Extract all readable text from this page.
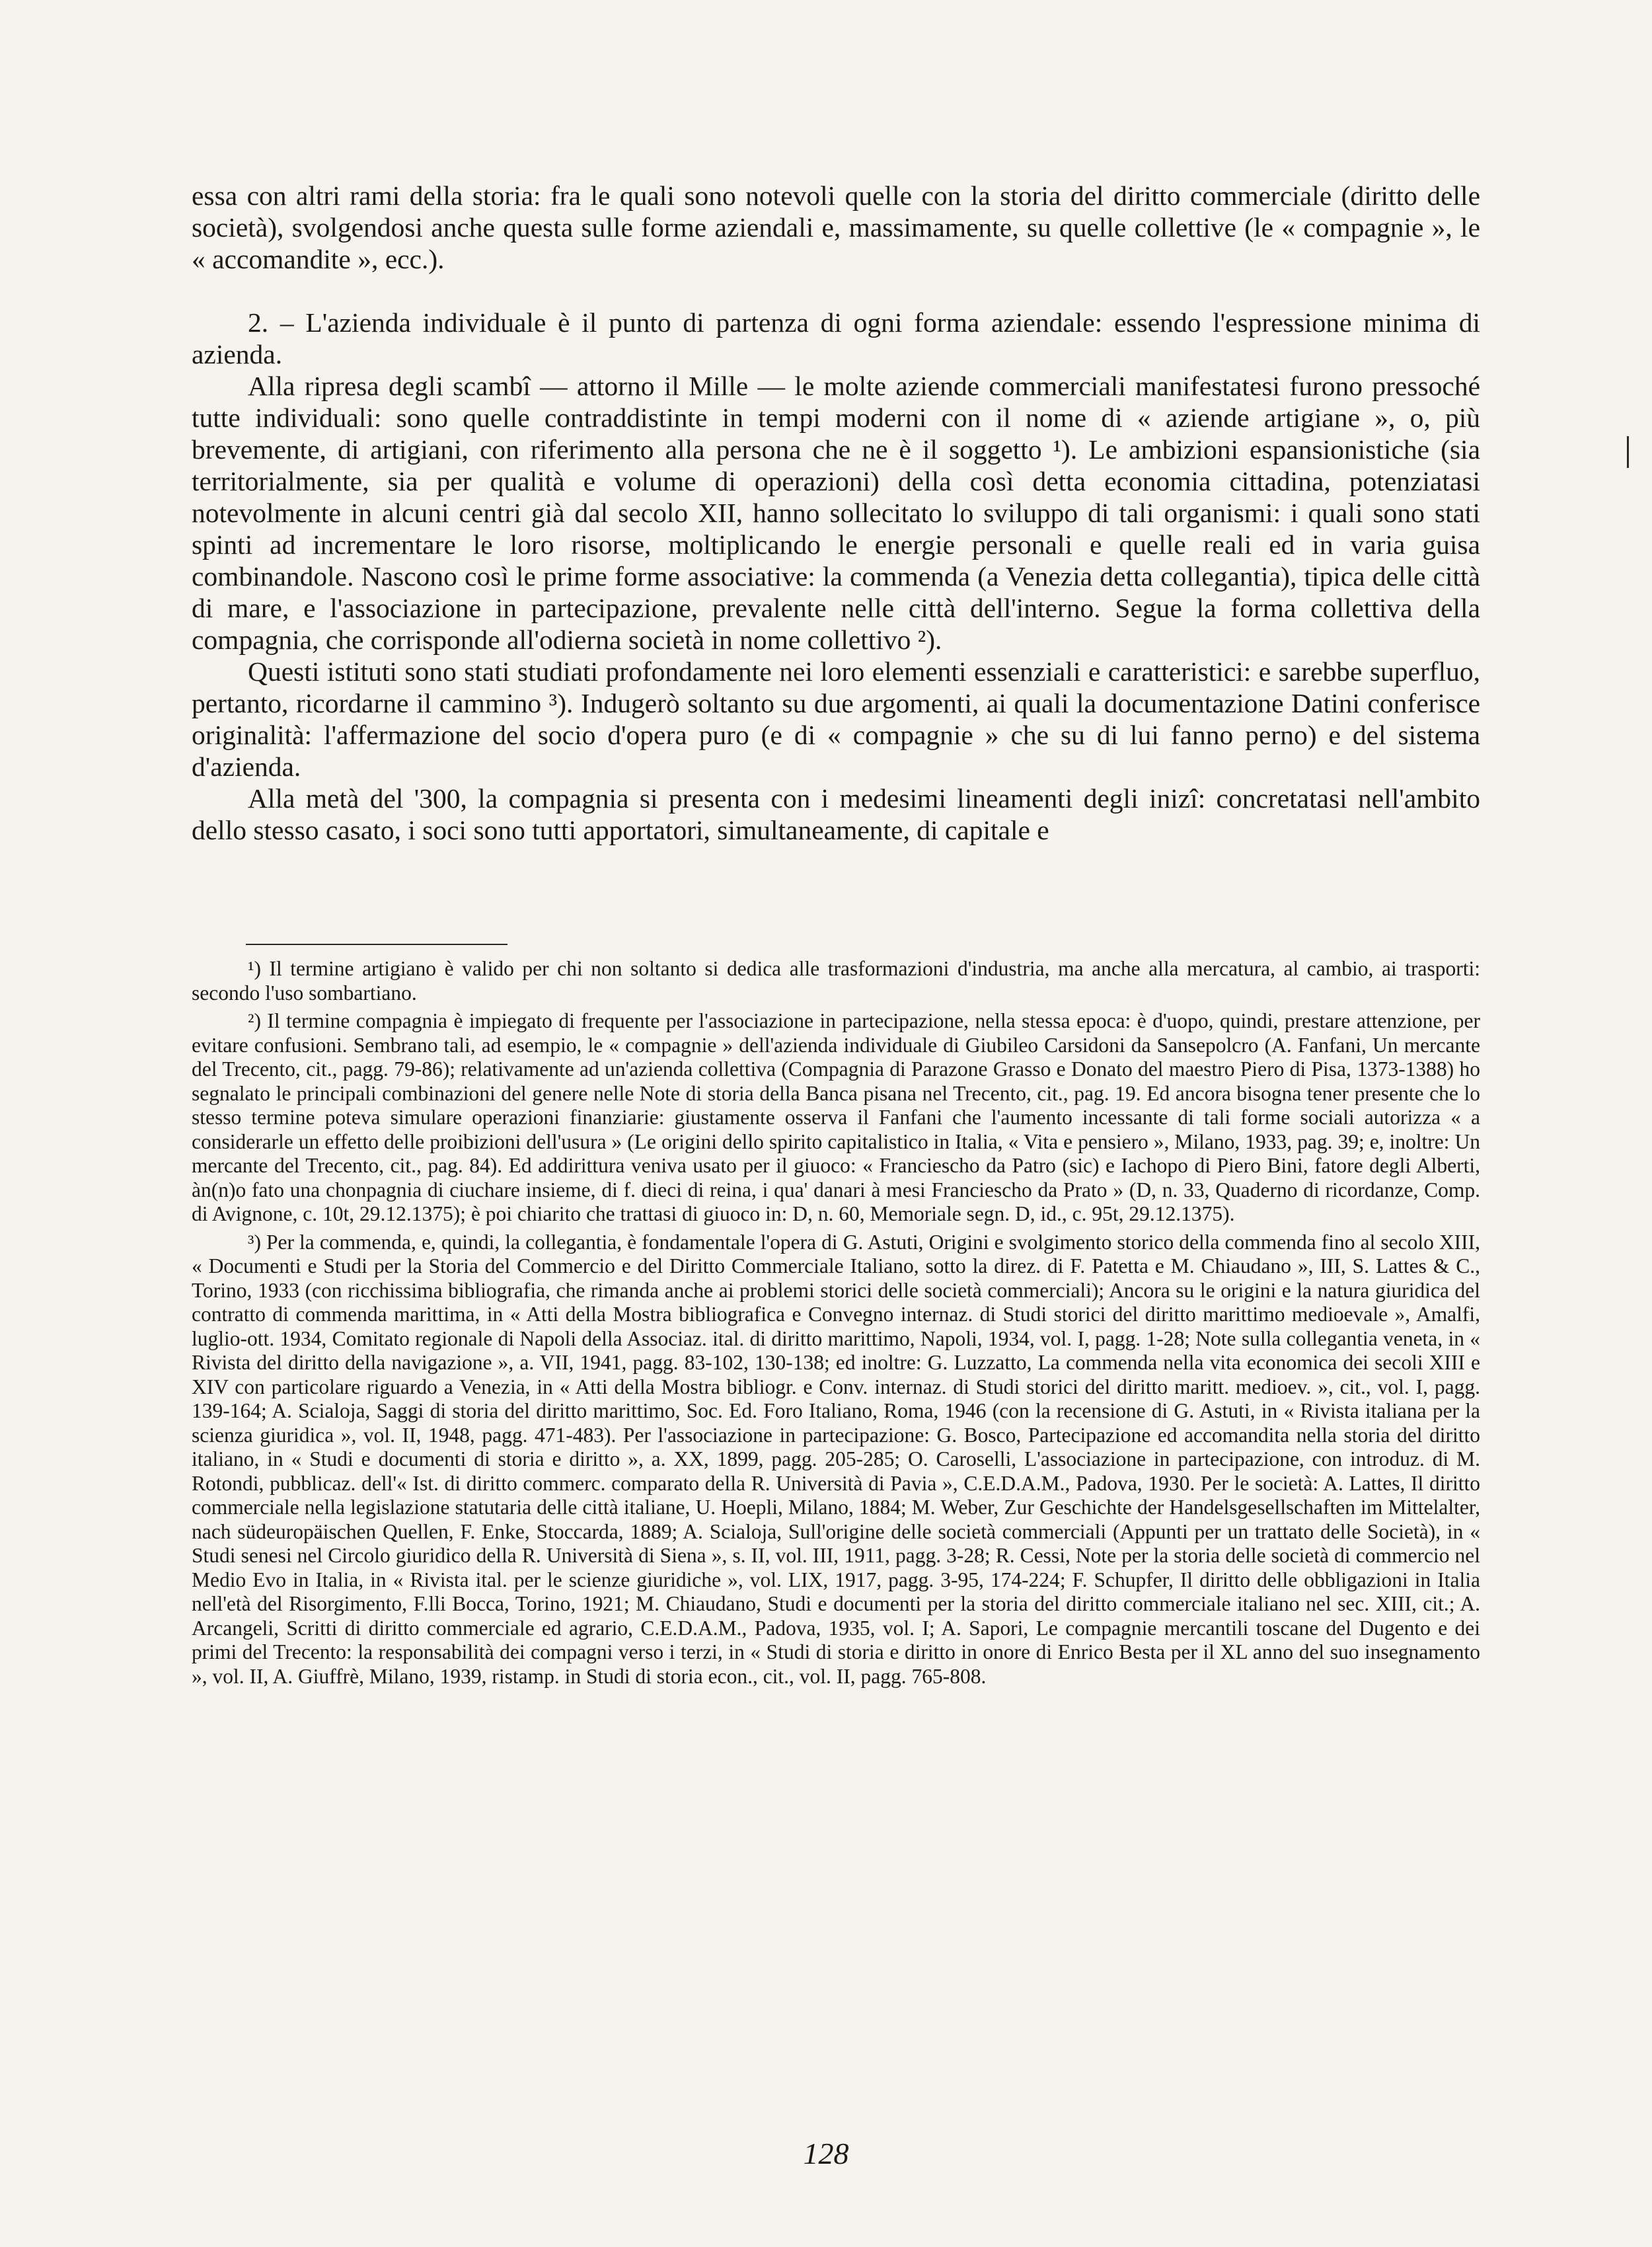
essa con altri rami della storia: fra le quali sono notevoli quelle con la storia del diritto commerciale (diritto delle società), svolgendosi anche questa sulle forme aziendali e, massimamente, su quelle collettive (le « compagnie », le « accomandite », ecc.).

2. – L'azienda individuale è il punto di partenza di ogni forma aziendale: essendo l'espressione minima di azienda.

Alla ripresa degli scambî — attorno il Mille — le molte aziende commerciali manifestatesi furono pressoché tutte individuali: sono quelle contraddistinte in tempi moderni con il nome di « aziende artigiane », o, più brevemente, di artigiani, con riferimento alla persona che ne è il soggetto ¹). Le ambizioni espansionistiche (sia territorialmente, sia per qualità e volume di operazioni) della così detta economia cittadina, potenziatasi notevolmente in alcuni centri già dal secolo XII, hanno sollecitato lo sviluppo di tali organismi: i quali sono stati spinti ad incrementare le loro risorse, moltiplicando le energie personali e quelle reali ed in varia guisa combinandole. Nascono così le prime forme associative: la commenda (a Venezia detta collegantia), tipica delle città di mare, e l'associazione in partecipazione, prevalente nelle città dell'interno. Segue la forma collettiva della compagnia, che corrisponde all'odierna società in nome collettivo ²).

Questi istituti sono stati studiati profondamente nei loro elementi essenziali e caratteristici: e sarebbe superfluo, pertanto, ricordarne il cammino ³). Indugerò soltanto su due argomenti, ai quali la documentazione Datini conferisce originalità: l'affermazione del socio d'opera puro (e di « compagnie » che su di lui fanno perno) e del sistema d'azienda.

Alla metà del '300, la compagnia si presenta con i medesimi lineamenti degli inizî: concretatasi nell'ambito dello stesso casato, i soci sono tutti apportatori, simultaneamente, di capitale e

¹) Il termine artigiano è valido per chi non soltanto si dedica alle trasformazioni d'industria, ma anche alla mercatura, al cambio, ai trasporti: secondo l'uso sombartiano.

²) Il termine compagnia è impiegato di frequente per l'associazione in partecipazione, nella stessa epoca: è d'uopo, quindi, prestare attenzione, per evitare confusioni. Sembrano tali, ad esempio, le « compagnie » dell'azienda individuale di Giubileo Carsidoni da Sansepolcro (A. Fanfani, Un mercante del Trecento, cit., pagg. 79-86); relativamente ad un'azienda collettiva (Compagnia di Parazone Grasso e Donato del maestro Piero di Pisa, 1373-1388) ho segnalato le principali combinazioni del genere nelle Note di storia della Banca pisana nel Trecento, cit., pag. 19. Ed ancora bisogna tener presente che lo stesso termine poteva simulare operazioni finanziarie: giustamente osserva il Fanfani che l'aumento incessante di tali forme sociali autorizza « a considerarle un effetto delle proibizioni dell'usura » (Le origini dello spirito capitalistico in Italia, « Vita e pensiero », Milano, 1933, pag. 39; e, inoltre: Un mercante del Trecento, cit., pag. 84). Ed addirittura veniva usato per il giuoco: « Franciescho da Patro (sic) e Iachopo di Piero Bini, fatore degli Alberti, àn(n)o fato una chonpagnia di ciuchare insieme, di f. dieci di reina, i qua' danari à mesi Franciescho da Prato » (D, n. 33, Quaderno di ricordanze, Comp. di Avignone, c. 10t, 29.12.1375); è poi chiarito che trattasi di giuoco in: D, n. 60, Memoriale segn. D, id., c. 95t, 29.12.1375).

³) Per la commenda, e, quindi, la collegantia, è fondamentale l'opera di G. Astuti, Origini e svolgimento storico della commenda fino al secolo XIII, « Documenti e Studi per la Storia del Commercio e del Diritto Commerciale Italiano, sotto la direz. di F. Patetta e M. Chiaudano », III, S. Lattes & C., Torino, 1933 (con ricchissima bibliografia, che rimanda anche ai problemi storici delle società commerciali); Ancora su le origini e la natura giuridica del contratto di commenda marittima, in « Atti della Mostra bibliografica e Convegno internaz. di Studi storici del diritto marittimo medioevale », Amalfi, luglio-ott. 1934, Comitato regionale di Napoli della Associaz. ital. di diritto marittimo, Napoli, 1934, vol. I, pagg. 1-28; Note sulla collegantia veneta, in « Rivista del diritto della navigazione », a. VII, 1941, pagg. 83-102, 130-138; ed inoltre: G. Luzzatto, La commenda nella vita economica dei secoli XIII e XIV con particolare riguardo a Venezia, in « Atti della Mostra bibliogr. e Conv. internaz. di Studi storici del diritto maritt. medioev. », cit., vol. I, pagg. 139-164; A. Scialoja, Saggi di storia del diritto marittimo, Soc. Ed. Foro Italiano, Roma, 1946 (con la recensione di G. Astuti, in « Rivista italiana per la scienza giuridica », vol. II, 1948, pagg. 471-483). Per l'associazione in partecipazione: G. Bosco, Partecipazione ed accomandita nella storia del diritto italiano, in « Studi e documenti di storia e diritto », a. XX, 1899, pagg. 205-285; O. Caroselli, L'associazione in partecipazione, con introduz. di M. Rotondi, pubblicaz. dell'« Ist. di diritto commerc. comparato della R. Università di Pavia », C.E.D.A.M., Padova, 1930. Per le società: A. Lattes, Il diritto commerciale nella legislazione statutaria delle città italiane, U. Hoepli, Milano, 1884; M. Weber, Zur Geschichte der Handelsgesellschaften im Mittelalter, nach südeuropäischen Quellen, F. Enke, Stoccarda, 1889; A. Scialoja, Sull'origine delle società commerciali (Appunti per un trattato delle Società), in « Studi senesi nel Circolo giuridico della R. Università di Siena », s. II, vol. III, 1911, pagg. 3-28; R. Cessi, Note per la storia delle società di commercio nel Medio Evo in Italia, in « Rivista ital. per le scienze giuridiche », vol. LIX, 1917, pagg. 3-95, 174-224; F. Schupfer, Il diritto delle obbligazioni in Italia nell'età del Risorgimento, F.lli Bocca, Torino, 1921; M. Chiaudano, Studi e documenti per la storia del diritto commerciale italiano nel sec. XIII, cit.; A. Arcangeli, Scritti di diritto commerciale ed agrario, C.E.D.A.M., Padova, 1935, vol. I; A. Sapori, Le compagnie mercantili toscane del Dugento e dei primi del Trecento: la responsabilità dei compagni verso i terzi, in « Studi di storia e diritto in onore di Enrico Besta per il XL anno del suo insegnamento », vol. II, A. Giuffrè, Milano, 1939, ristamp. in Studi di storia econ., cit., vol. II, pagg. 765-808.

128
